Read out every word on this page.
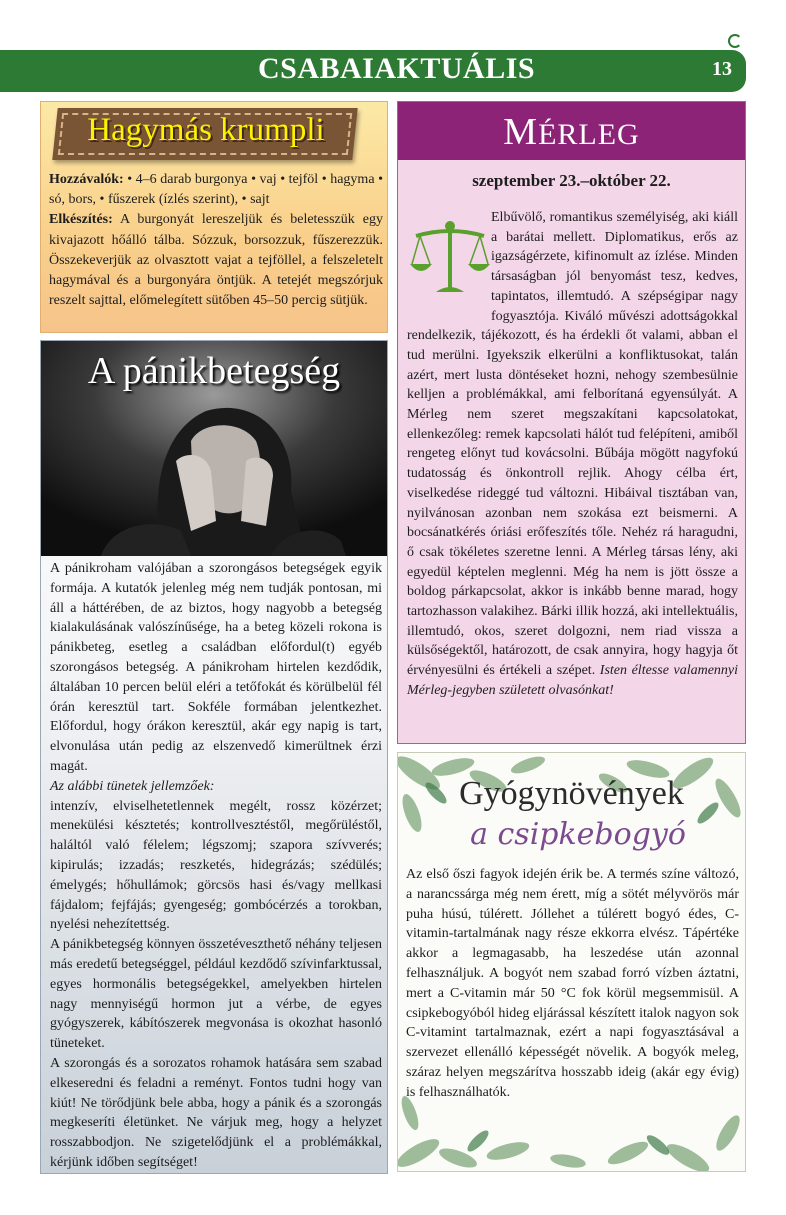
CSABAIAKTUÁLIS	13
Hagymás krumpli
Hozzávalók: • 4–6 darab burgonya • vaj • tejföl • hagyma • só, bors, • fűszerek (ízlés szerint), • sajt
Elkészítés: A burgonyát lereszeljük és beletesszük egy kivajazott hőálló tálba. Sózzuk, borsozzuk, fűszerezzük. Összekeverjük az olvasztott vajat a tejföllel, a felszeletelt hagymával és a burgonyára öntjük. A tetejét megszórjuk reszelt sajttal, előmelegített sütőben 45–50 percig sütjük.
A pánikbetegség

A pánikroham valójában a szorongásos betegségek egyik formája. A kutatók jelenleg még nem tudják pontosan, mi áll a háttérében, de az biztos, hogy nagyobb a betegség kialakulásának valószínűsége, ha a beteg közeli rokona is pánikbeteg, esetleg a családban előfordul(t) egyéb szorongásos betegség. A pánikroham hirtelen kezdődik, általában 10 percen belül eléri a tetőfokát és körülbelül fél órán keresztül tart. Sokféle formában jelentkezhet. Előfordul, hogy órákon keresztül, akár egy napig is tart, elvonulása után pedig az elszenvedő kimerültnek érzi magát.

Az alábbi tünetek jellemzőek:

intenzív, elviselhetetlennek megélt, rossz közérzet; menekülési késztetés; kontrollvesztéstől, megőrüléstől, haláltól való félelem; légszomj; szapora szívverés; kipirulás; izzadás; reszketés, hidegrázás; szédülés; émelygés; hőhullámok; görcsös hasi és/vagy mellkasi fájdalom; fejfájás; gyengeség; gombócérzés a torokban, nyelési nehezítettség.

A pánikbetegség könnyen összetéveszthető néhány teljesen más eredetű betegséggel, például kezdődő szívinfarktussal, egyes hormonális betegségekkel, amelyekben hirtelen nagy mennyiségű hormon jut a vérbe, de egyes gyógyszerek, kábítószerek megvonása is okozhat hasonló tüneteket.

A szorongás és a sorozatos rohamok hatására sem szabad elkeseredni és feladni a reményt. Fontos tudni hogy van kiút! Ne törődjünk bele abba, hogy a pánik és a szorongás megkeseríti életünket. Ne várjuk meg, hogy a helyzet rosszabbodjon. Ne szigetelődjünk el a problémákkal, kérjünk időben segítséget!

MÉRLEG
szeptember 23.–október 22.
Elbűvölő, romantikus személyiség, aki kiáll a barátai mellett. Diplomatikus, erős az igazságérzete, kifinomult az ízlése. Minden társaságban jól benyomást tesz, kedves, tapintatos, illemtudó. A szépségipar nagy fogyasztója. Kiváló művészi adottságokkal rendelkezik, tájékozott, és ha érdekli őt valami, abban el tud merülni. Igyekszik elkerülni a konfliktusokat, talán azért, mert lusta döntéseket hozni, nehogy szembesülnie kelljen a problémákkal, ami felborítaná egyensúlyát. A Mérleg nem szeret megszakítani kapcsolatokat, ellenkezőleg: remek kapcsolati hálót tud felépíteni, amiből rengeteg előnyt tud kovácsolni. Bűbája mögött nagyfokú tudatosság és önkontroll rejlik. Ahogy célba ért, viselkedése rideggé tud változni. Hibáival tisztában van, nyilvánosan azonban nem szokása ezt beismerni. A bocsánatkérés óriási erőfeszítés tőle. Nehéz rá haragudni, ő csak tökéletes szeretne lenni. A Mérleg társas lény, aki egyedül képtelen meglenni. Még ha nem is jött össze a boldog párkapcsolat, akkor is inkább benne marad, hogy tartozhasson valakihez. Bárki illik hozzá, aki intellektuális, illemtudó, okos, szeret dolgozni, nem riad vissza a külsőségektől, határozott, de csak annyira, hogy hagyja őt érvényesülni és értékeli a szépet. Isten éltesse valamennyi Mérleg-jegyben született olvasónkat!
Gyógynövények
a csipkebogyó
Az első őszi fagyok idején érik be. A termés színe változó, a narancssárga még nem érett, míg a sötét mélyvörös már puha húsú, túlérett. Jóllehet a túlérett bogyó édes, C-vitamin-tartalmának nagy része ekkorra elvész. Tápértéke akkor a legmagasabb, ha leszedése után azonnal felhasználjuk. A bogyót nem szabad forró vízben áztatni, mert a C-vitamin már 50 °C fok körül megsemmisül. A csipkebogyóból hideg eljárással készített italok nagyon sok C-vitamint tartalmaznak, ezért a napi fogyasztásával a szervezet ellenálló képességét növelik. A bogyók meleg, száraz helyen megszárítva hosszabb ideig (akár egy évig) is felhasználhatók.
